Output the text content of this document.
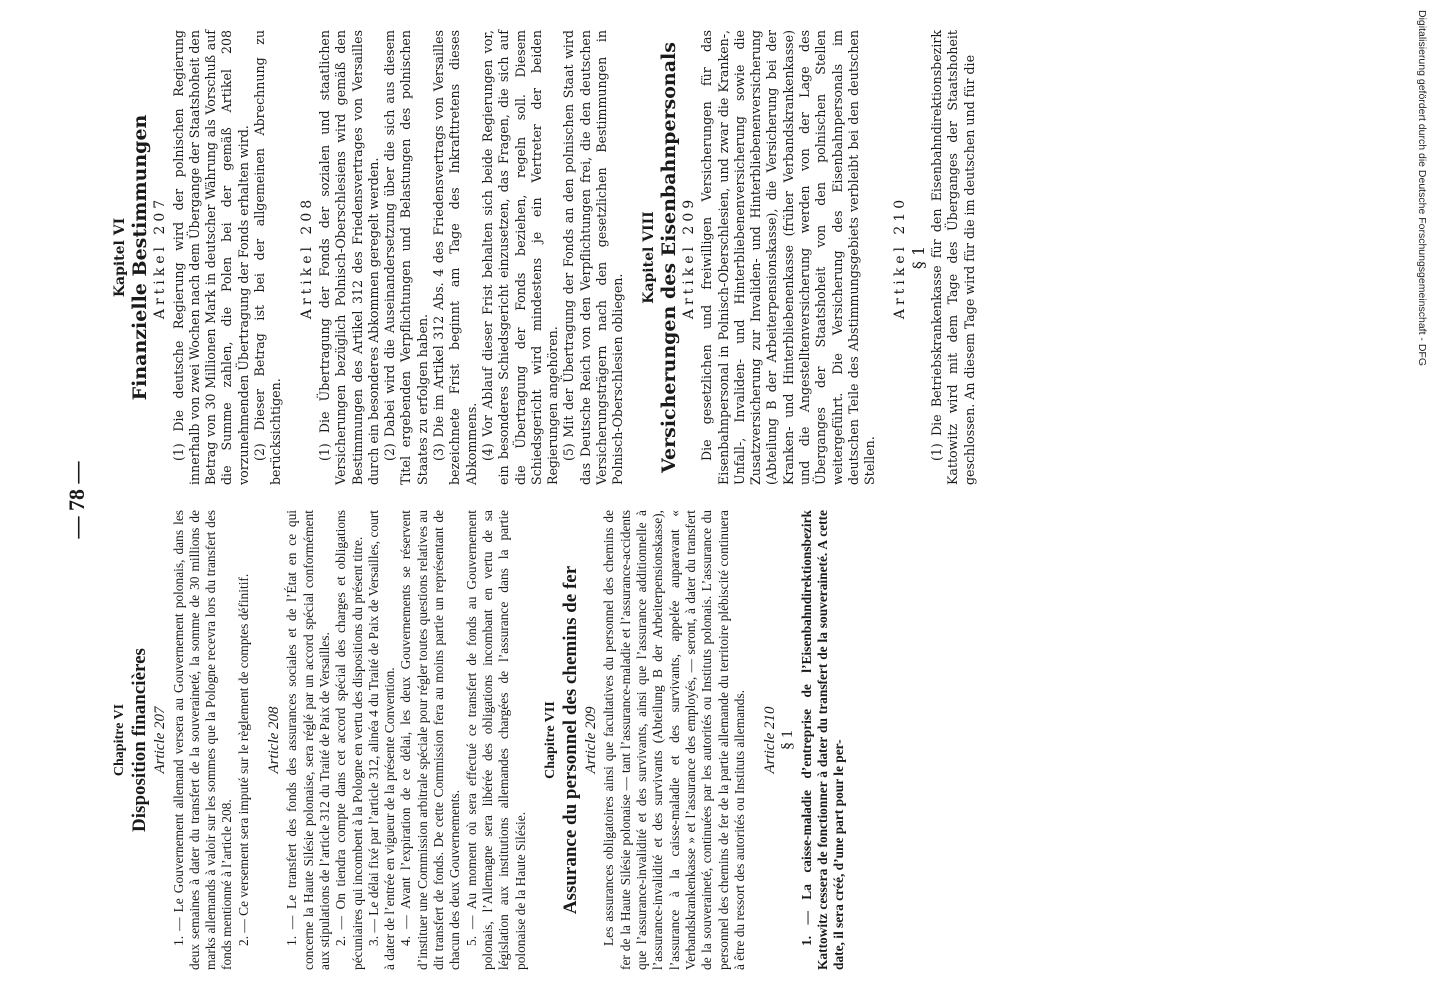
— 78 —
Chapitre VI Disposition financières Article 207 1. — Le Gouvernement allemand versera au Gouvernement polonais, dans les deux semaines à dater du transfert de la souveraineté, la somme de 30 millions de marks allemands à valoir sur les sommes que la Pologne recevra lors du transfert des fonds mentionné à l’article 208. 2. — Ce versement sera imputé sur le règlement de comptes définitif. Article 208 1. — Le transfert des fonds des assurances sociales et de l’État en ce qui concerne la Haute Silésie polonaise, sera réglé par un accord spécial conformément aux stipulations de l’article 312 du Traité de Paix de Versailles. 2. — On tiendra compte dans cet accord spécial des charges et obligations pécuniaires qui incombent à la Pologne en vertu des dispositions du présent titre. 3. — Le délai fixé par l’article 312, alinéa 4 du Traité de Paix de Versailles, court à dater de l’entrée en vigueur de la présente Convention. 4. — Avant l’expiration de ce délai, les deux Gouvernements se réservent d’instituer une Commission arbitrale spéciale pour régler toutes questions relatives au dit transfert de fonds. De cette Commission fera au moins partie un représentant de chacun des deux Gouvernements. 5. — Au moment où sera effectué ce transfert de fonds au Gouvernement polonais, l’Allemagne sera libérée des obligations incombant en vertu de sa législation aux institutions allemandes chargées de l’assurance dans la partie polonaise de la Haute Silésie.

Chapitre VII Assurance du personnel des chemins de fer Article 209 Les assurances obligatoires ainsi que facultatives du personnel des chemins de fer de la Haute Silésie polonaise — tant l’assurance-maladie et l’assurance-accidents que l’assurance-invalidité et des survivants, ainsi que l’assurance additionnelle à l’assurance-invalidité et des survivants (Abteilung B der Arbeiterpensionskasse), l’assurance à la caisse-maladie et des survivants, appelée auparavant « Verbandskrankenkasse » et l’assurance des employés, — seront, à dater du transfert de la souveraineté, continuées par les autorités ou Instituts polonais. L’assurance du personnel des chemins de fer de la partie allemande du territoire plébiscité continuera à être du ressort des autorités ou Instituts allemands. Article 210 § 1 1. — La caisse-maladie d’entreprise de l’Eisenbahndirektionsbezirk Kattowitz cessera de fonctionner à dater du transfert de la souveraineté. A cette date, il sera créé, d’une part pour le per-

Kapitel VI Finanzielle Bestimmungen Artikel 207 (1) Die deutsche Regierung wird der polnischen Regierung innerhalb von zwei Wochen nach dem Übergange der Staatshoheit den Betrag von 30 Millionen Mark in deutscher Währung als Vorschuß auf die Summe zahlen, die Polen bei der gemäß Artikel 208 vorzunehmenden Übertragung der Fonds erhalten wird. (2) Dieser Betrag ist bei der allgemeinen Abrechnung zu berücksichtigen.

Artikel 208 (1) Die Übertragung der Fonds der sozialen und staatlichen Versicherungen bezüglich Polnisch-Oberschlesiens wird gemäß den Bestimmungen des Artikel 312 des Friedensvertrages von Versailles durch ein besonderes Abkommen geregelt werden. (2) Dabei wird die Auseinandersetzung über die sich aus diesem Titel ergebenden Verpflichtungen und Belastungen des polnischen Staates zu erfolgen haben. (3) Die im Artikel 312 Abs. 4 des Friedensvertrags von Versailles bezeichnete Frist beginnt am Tage des Inkrafttretens dieses Abkommens. (4) Vor Ablauf dieser Frist behalten sich beide Regierungen vor, ein besonderes Schiedsgericht einzusetzen, das Fragen, die sich auf die Übertragung der Fonds beziehen, regeln soll. Diesem Schiedsgericht wird mindestens je ein Vertreter der beiden Regierungen angehören. (5) Mit der Übertragung der Fonds an den polnischen Staat wird das Deutsche Reich von den Verpflichtungen frei, die den deutschen Versicherungsträgern nach den gesetzlichen Bestimmungen in Polnisch-Oberschlesien obliegen.

Kapitel VIII Versicherungen des Eisenbahnpersonals Artikel 209 Die gesetzlichen und freiwilligen Versicherungen für das Eisenbahnpersonal in Polnisch-Oberschlesien, und zwar die Kranken-, Unfall-, Invaliden- und Hinterbliebenenversicherung sowie die Zusatzversicherung zur Invaliden- und Hinterbliebenenversicherung (Abteilung B der Arbeiterpensionskasse), die Versicherung bei der Kranken- und Hinterbliebenenkasse (früher Verbandskrankenkasse) und die Angestelltenversicherung werden von der Lage des Überganges der Staatshoheit von den polnischen Stellen weitergeführt. Die Versicherung des Eisenbahnpersonals im deutschen Teile des Abstimmungsgebiets verbleibt bei den deutschen Stellen.

Artikel 210 § 1 (1) Die Betriebskrankenkasse für den Eisenbahndirektionsbezirk Kattowitz wird mit dem Tage des Überganges der Staatshoheit geschlossen. An diesem Tage wird für die im deutschen und für die	Digitalisierung gefördert durch die Deutsche Forschungsgemeinschaft - DFG
